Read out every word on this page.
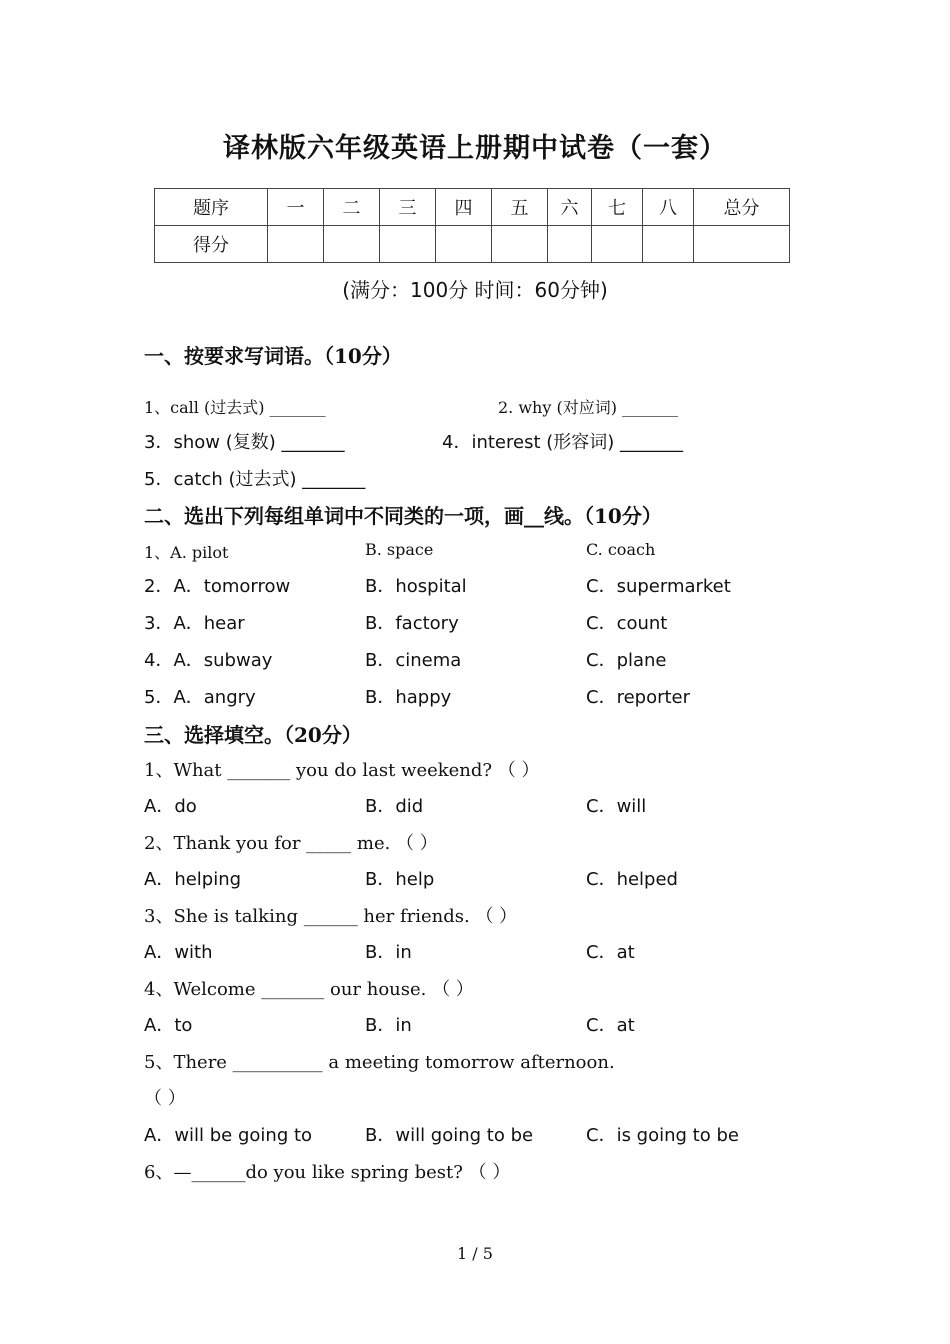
译林版六年级英语上册期中试卷（一套）
题序	一	二	三	四	五	六	七	八	总分
得分									
(满分：100分 时间：60分钟)
一、按要求写词语。（10分）
1、call (过去式) _______	2. why (对应词) _______
3．show (复数) _______	4．interest (形容词) _______
5．catch (过去式) _______
二、选出下列每组单词中不同类的一项，画__线。（10分）
1、A. pilot	B. space	C. coach
2．A．tomorrow	B．hospital	C．supermarket
3．A．hear	B．factory	C．count
4．A．subway	B．cinema	C．plane
5．A．angry	B．happy	C．reporter
三、选择填空。（20分）
1、What _______ you do last weekend? （ ）
A．do	B．did	C．will
2、Thank you for _____ me. （ ）
A．helping	B．help	C．helped
3、She is talking ______ her friends. （ ）
A．with	B．in	C．at
4、Welcome _______ our house. （ ）
A．to	B．in	C．at
5、There __________ a meeting tomorrow afternoon.
（ ）
A．will be going to	B．will going to be	C．is going to be
6、—______do you like spring best? （ ）
1 / 5
